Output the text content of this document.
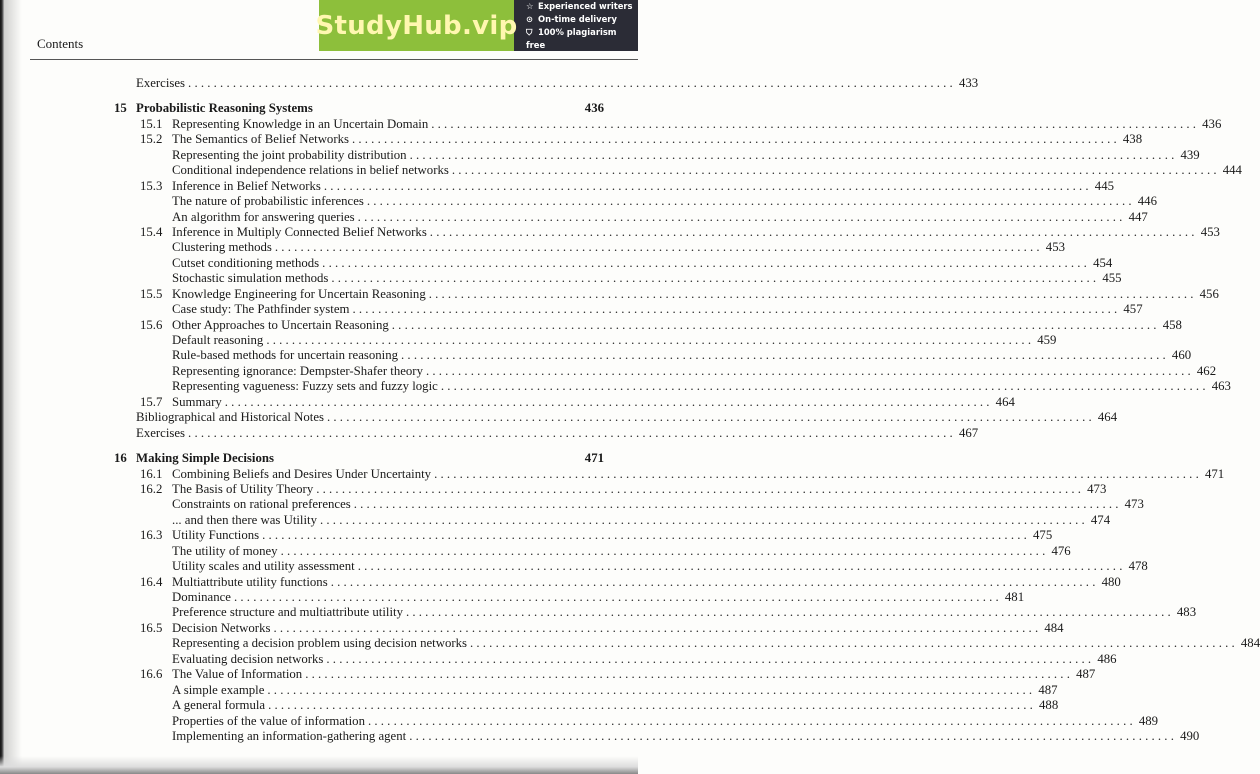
Contents
StudyHub.vip
☆ Experienced writers
⊙ On-time delivery
⛉ 100% plagiarism free
Exercises ........................................................................................................................ 433
15 Probabilistic Reasoning Systems	436
15.1 Representing Knowledge in an Uncertain Domain ........................................................................................................................ 436
15.2 The Semantics of Belief Networks ........................................................................................................................ 438
Representing the joint probability distribution ........................................................................................................................ 439
Conditional independence relations in belief networks ........................................................................................................................ 444
15.3 Inference in Belief Networks ........................................................................................................................ 445
The nature of probabilistic inferences ........................................................................................................................ 446
An algorithm for answering queries ........................................................................................................................ 447
15.4 Inference in Multiply Connected Belief Networks ........................................................................................................................ 453
Clustering methods ........................................................................................................................ 453
Cutset conditioning methods ........................................................................................................................ 454
Stochastic simulation methods ........................................................................................................................ 455
15.5 Knowledge Engineering for Uncertain Reasoning ........................................................................................................................ 456
Case study: The Pathfinder system ........................................................................................................................ 457
15.6 Other Approaches to Uncertain Reasoning ........................................................................................................................ 458
Default reasoning ........................................................................................................................ 459
Rule-based methods for uncertain reasoning ........................................................................................................................ 460
Representing ignorance: Dempster-Shafer theory ........................................................................................................................ 462
Representing vagueness: Fuzzy sets and fuzzy logic ........................................................................................................................ 463
15.7 Summary ........................................................................................................................ 464
Bibliographical and Historical Notes ........................................................................................................................ 464
Exercises ........................................................................................................................ 467
16 Making Simple Decisions	471
16.1 Combining Beliefs and Desires Under Uncertainty ........................................................................................................................ 471
16.2 The Basis of Utility Theory ........................................................................................................................ 473
Constraints on rational preferences ........................................................................................................................ 473
... and then there was Utility ........................................................................................................................ 474
16.3 Utility Functions ........................................................................................................................ 475
The utility of money ........................................................................................................................ 476
Utility scales and utility assessment ........................................................................................................................ 478
16.4 Multiattribute utility functions ........................................................................................................................ 480
Dominance ........................................................................................................................ 481
Preference structure and multiattribute utility ........................................................................................................................ 483
16.5 Decision Networks ........................................................................................................................ 484
Representing a decision problem using decision networks ........................................................................................................................ 484
Evaluating decision networks ........................................................................................................................ 486
16.6 The Value of Information ........................................................................................................................ 487
A simple example ........................................................................................................................ 487
A general formula ........................................................................................................................ 488
Properties of the value of information ........................................................................................................................ 489
Implementing an information-gathering agent ........................................................................................................................ 490
